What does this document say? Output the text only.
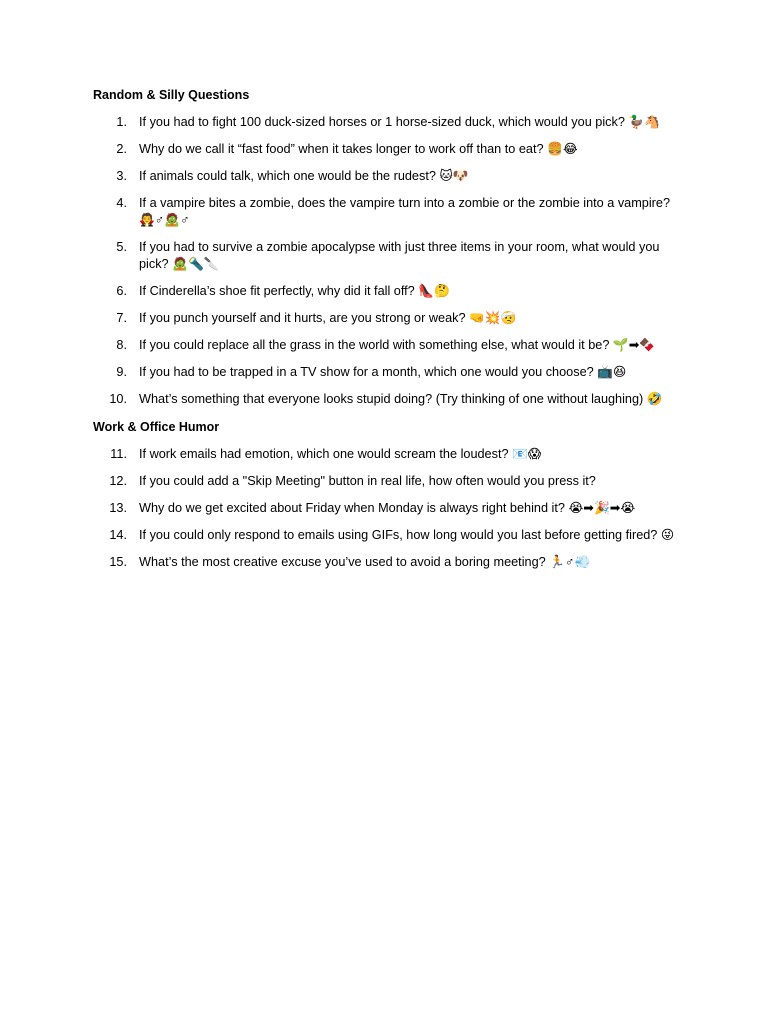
Random & Silly Questions
1. If you had to fight 100 duck-sized horses or 1 horse-sized duck, which would you pick? 🦆🐴
2. Why do we call it “fast food” when it takes longer to work off than to eat? 🍔😂
3. If animals could talk, which one would be the rudest? 🐱🐶
4. If a vampire bites a zombie, does the vampire turn into a zombie or the zombie into a vampire? 🧛♂🧟♂
5. If you had to survive a zombie apocalypse with just three items in your room, what would you pick? 🧟🔦🔪
6. If Cinderella’s shoe fit perfectly, why did it fall off? 👠🤔
7. If you punch yourself and it hurts, are you strong or weak? 🤜💥🤕
8. If you could replace all the grass in the world with something else, what would it be? 🌱➡🍫
9. If you had to be trapped in a TV show for a month, which one would you choose? 📺😆
10. What’s something that everyone looks stupid doing? (Try thinking of one without laughing) 🤣
Work & Office Humor
11. If work emails had emotion, which one would scream the loudest? 📧😱
12. If you could add a "Skip Meeting" button in real life, how often would you press it?
13. Why do we get excited about Friday when Monday is always right behind it? 😭➡🎉➡😭
14. If you could only respond to emails using GIFs, how long would you last before getting fired? 😜
15. What’s the most creative excuse you’ve used to avoid a boring meeting? 🏃♂💨
